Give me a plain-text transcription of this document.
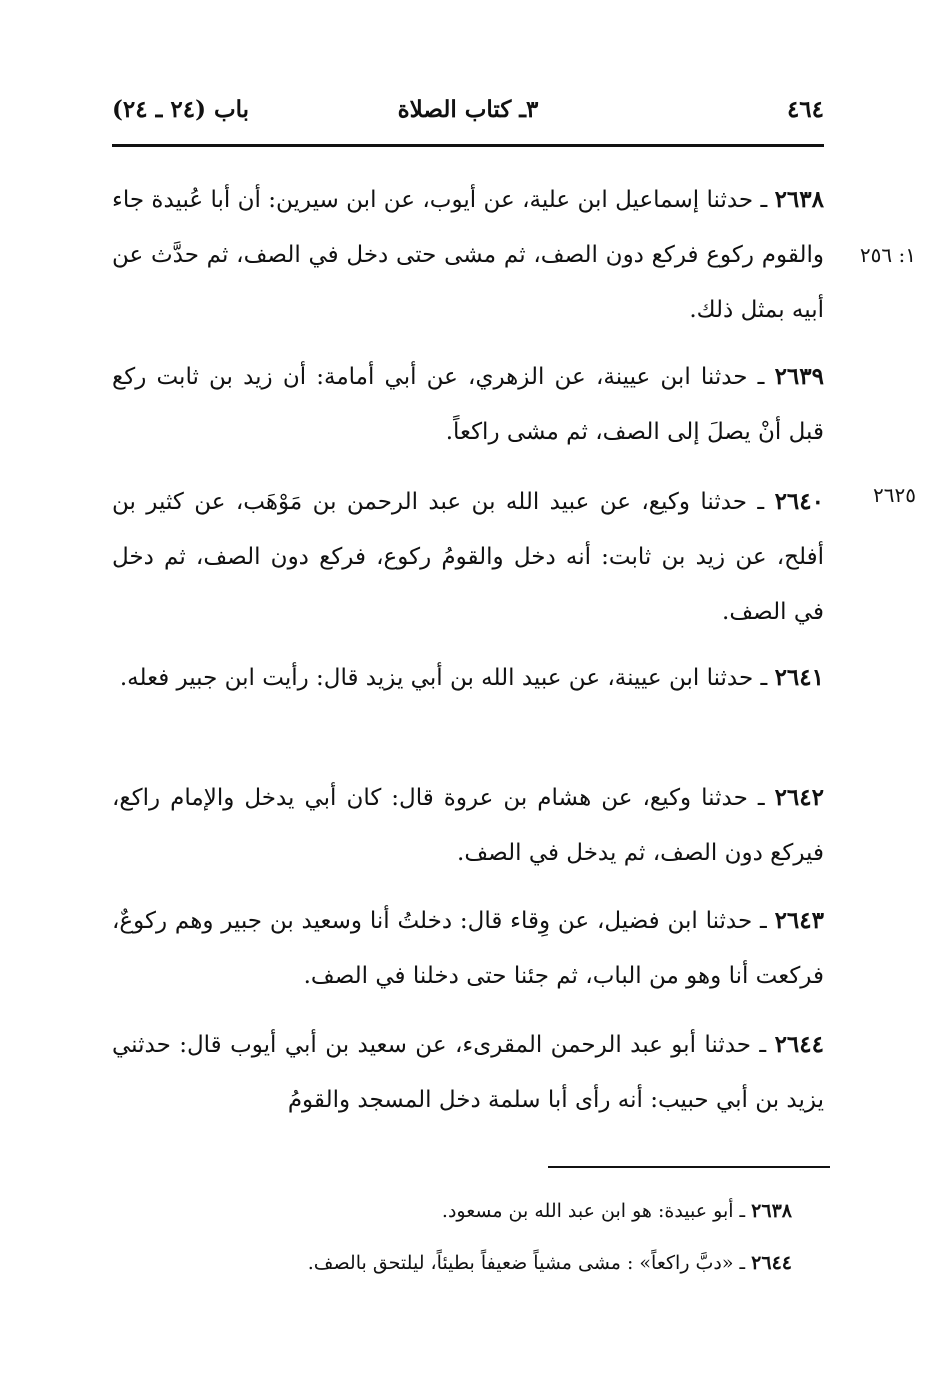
٤٦٤
٣ـ كتاب الصلاة
باب (٢٤ ـ ٢٤)
١: ٢٥٦
٢٦٢٥

٢٦٣٨ ـ حدثنا إسماعيل ابن علية، عن أيوب، عن ابن سيرين: أن أبا عُبيدة جاء والقوم ركوع فركع دون الصف، ثم مشى حتى دخل في الصف، ثم حدَّث عن أبيه بمثل ذلك.

٢٦٣٩ ـ حدثنا ابن عيينة، عن الزهري، عن أبي أمامة: أن زيد بن ثابت ركع قبل أنْ يصلَ إلى الصف، ثم مشى راكعاً.

٢٦٤٠ ـ حدثنا وكيع، عن عبيد الله بن عبد الرحمن بن مَوْهَب، عن كثير بن أفلح، عن زيد بن ثابت: أنه دخل والقومُ ركوع، فركع دون الصف، ثم دخل في الصف.

٢٦٤١ ـ حدثنا ابن عيينة، عن عبيد الله بن أبي يزيد قال: رأيت ابن جبير فعله.

٢٦٤٢ ـ حدثنا وكيع، عن هشام بن عروة قال: كان أبي يدخل والإمام راكع، فيركع دون الصف، ثم يدخل في الصف.

٢٦٤٣ ـ حدثنا ابن فضيل، عن وِقاء قال: دخلتُ أنا وسعيد بن جبير وهم ركوعٌ، فركعت أنا وهو من الباب، ثم جئنا حتى دخلنا في الصف.

٢٦٤٤ ـ حدثنا أبو عبد الرحمن المقرىء، عن سعيد بن أبي أيوب قال: حدثني يزيد بن أبي حبيب: أنه رأى أبا سلمة دخل المسجد والقومُ

٢٦٣٨ ـ أبو عبيدة: هو ابن عبد الله بن مسعود.

٢٦٤٤ ـ «دبَّ راكعاً» : مشى مشياً ضعيفاً بطيئاً، ليلتحق بالصف.
